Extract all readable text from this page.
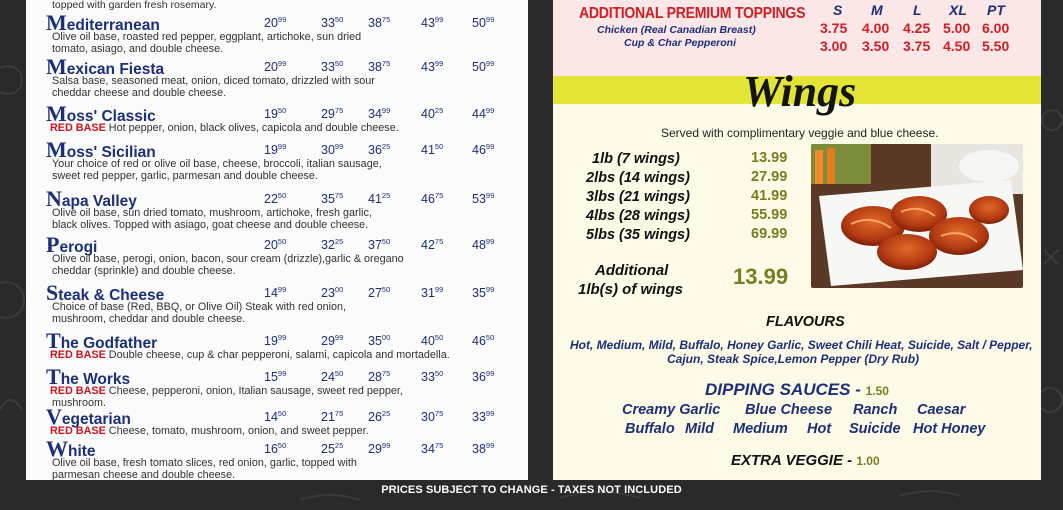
topped with garden fresh rosemary.
Mediterranean	$20^{99}$	$33^{50}$ $38^{75}$ $43^{99}$ $50^{99}$
Olive oil base, roasted red pepper, eggplant, artichoke, sun dried
tomato, asiago, and double cheese.
Mexican Fiesta	$20^{99}$	$33^{50}$ $38^{75}$ $43^{99}$ $50^{99}$
Salsa base, seasoned meat, onion, diced tomato, drizzled with sour
cheddar cheese and double cheese.
Moss' Classic	$19^{50}$	$29^{75}$ $34^{99}$ $40^{25}$ $44^{99}$
RED BASE Hot pepper, onion, black olives, capicola and double cheese.
Moss' Sicilian	$19^{99}$	$30^{99}$ $36^{25}$ $41^{50}$ $46^{99}$
Your choice of red or olive oil base, cheese, broccoli, italian sausage,
sweet red pepper, garlic, parmesan and double cheese.
Napa Valley	$22^{50}$	$35^{75}$ $41^{25}$ $46^{75}$ $53^{99}$
Olive oil base, sun dried tomato, mushroom, artichoke, fresh garlic,
black olives. Topped with asiago, goat cheese and double cheese.
Perogi	$20^{50}$	$32^{25}$ $37^{50}$ $42^{75}$ $48^{99}$
Olive oil base, perogi, onion, bacon, sour cream (drizzle),garlic & oregano
cheddar (sprinkle) and double cheese.
Steak & Cheese	$14^{99}$	$23^{00}$ $27^{50}$ $31^{99}$ $35^{99}$
Choice of base (Red, BBQ, or Olive Oil) Steak with red onion,
mushroom, cheddar and double cheese.
The Godfather	$19^{99}$	$29^{99}$ $35^{00}$ $40^{50}$ $46^{50}$
RED BASE Double cheese, cup & char pepperoni, salami, capicola and mortadella.
The Works	$15^{99}$	$24^{50}$ $28^{75}$ $33^{50}$ $36^{99}$
RED BASE Cheese, pepperoni, onion, Italian sausage, sweet red pepper,
mushroom.
Vegetarian	$14^{50}$	$21^{75}$ $26^{25}$ $30^{75}$ $33^{99}$
RED BASE Cheese, tomato, mushroom, onion, and sweet pepper.
White	$16^{50}$	$25^{25}$ $29^{99}$ $34^{75}$ $38^{99}$
Olive oil base, fresh tomato slices, red onion, garlic, topped with
parmesan cheese and double cheese.
ADDITIONAL PREMIUM TOPPINGS
Chicken (Real Canadian Breast)
Cup & Char Pepperoni
S M L XL PT
3.75 4.00 4.25 5.00 6.00
3.00 3.50 3.75 4.50 5.50
Wings
Served with complimentary veggie and blue cheese.
1lb (7 wings)	13.99
2lbs (14 wings)	27.99
3lbs (21 wings)	41.99
4lbs (28 wings)	55.99
5lbs (35 wings)	69.99
Additional
1lb(s) of wings
13.99
FLAVOURS
Hot, Medium, Mild, Buffalo, Honey Garlic, Sweet Chili Heat, Suicide, Salt / Pepper,
Cajun, Steak Spice,Lemon Pepper (Dry Rub)
DIPPING SAUCES - 1.50
Creamy Garlic Blue Cheese Ranch Caesar
Buffalo Mild Medium Hot Suicide Hot Honey
EXTRA VEGGIE - 1.00
PRICES SUBJECT TO CHANGE - TAXES NOT INCLUDED
